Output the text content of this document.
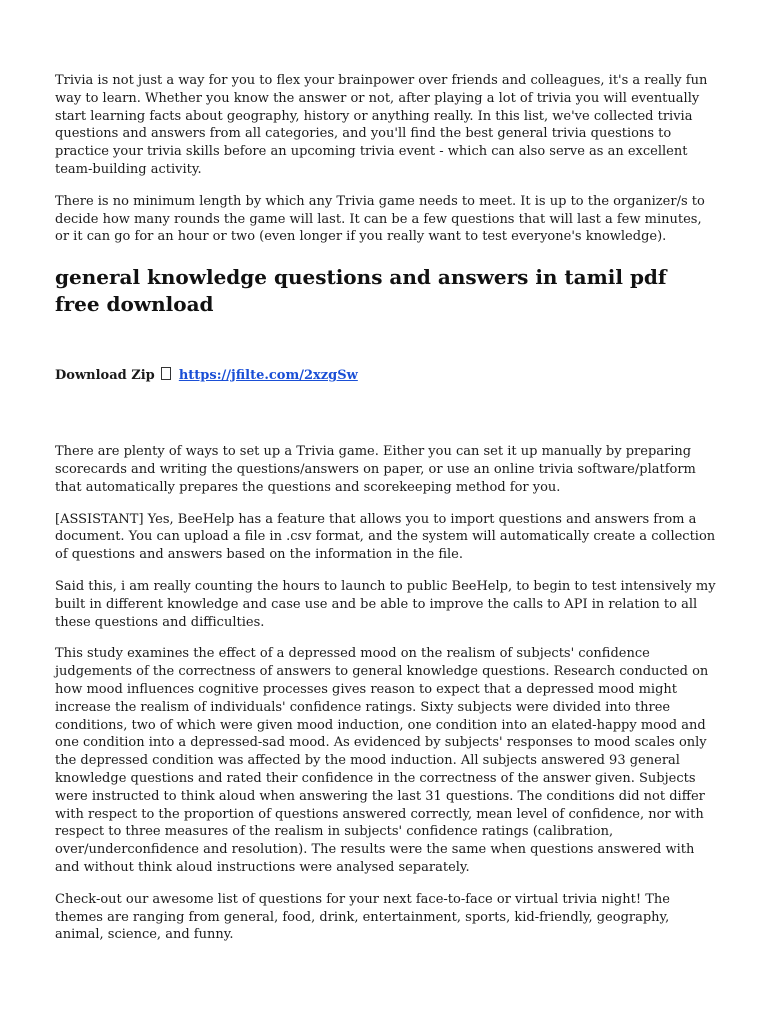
Trivia is not just a way for you to flex your brainpower over friends and colleagues, it's a really fun way to learn. Whether you know the answer or not, after playing a lot of trivia you will eventually start learning facts about geography, history or anything really. In this list, we've collected trivia questions and answers from all categories, and you'll find the best general trivia questions to practice your trivia skills before an upcoming trivia event - which can also serve as an excellent team-building activity.

There is no minimum length by which any Trivia game needs to meet. It is up to the organizer/s to decide how many rounds the game will last. It can be a few questions that will last a few minutes, or it can go for an hour or two (even longer if you really want to test everyone's knowledge).

general knowledge questions and answers in tamil pdf free download
Download Zip https://jfilte.com/2xzgSw

There are plenty of ways to set up a Trivia game. Either you can set it up manually by preparing scorecards and writing the questions/answers on paper, or use an online trivia software/platform that automatically prepares the questions and scorekeeping method for you.

[ASSISTANT] Yes, BeeHelp has a feature that allows you to import questions and answers from a document. You can upload a file in .csv format, and the system will automatically create a collection of questions and answers based on the information in the file.

Said this, i am really counting the hours to launch to public BeeHelp, to begin to test intensively my built in different knowledge and case use and be able to improve the calls to API in relation to all these questions and difficulties.

This study examines the effect of a depressed mood on the realism of subjects' confidence judgements of the correctness of answers to general knowledge questions. Research conducted on how mood influences cognitive processes gives reason to expect that a depressed mood might increase the realism of individuals' confidence ratings. Sixty subjects were divided into three conditions, two of which were given mood induction, one condition into an elated-happy mood and one condition into a depressed-sad mood. As evidenced by subjects' responses to mood scales only the depressed condition was affected by the mood induction. All subjects answered 93 general knowledge questions and rated their confidence in the correctness of the answer given. Subjects were instructed to think aloud when answering the last 31 questions. The conditions did not differ with respect to the proportion of questions answered correctly, mean level of confidence, nor with respect to three measures of the realism in subjects' confidence ratings (calibration, over/underconfidence and resolution). The results were the same when questions answered with and without think aloud instructions were analysed separately.

Check-out our awesome list of questions for your next face-to-face or virtual trivia night! The themes are ranging from general, food, drink, entertainment, sports, kid-friendly, geography, animal, science, and funny.
